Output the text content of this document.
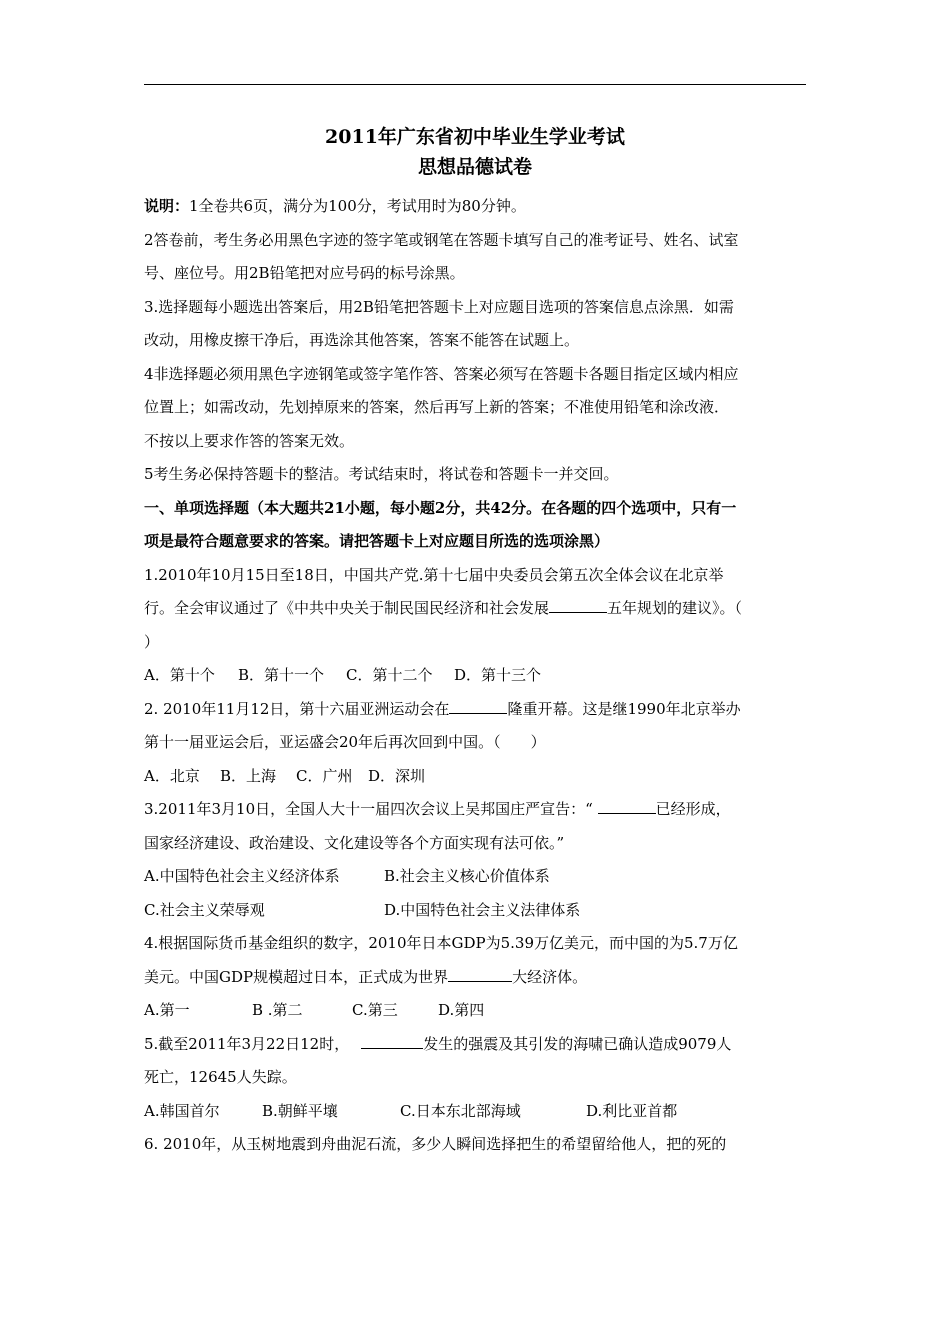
2011年广东省初中毕业生学业考试

思想品德试卷

说明：1全卷共6页，满分为100分，考试用时为80分钟。

2答卷前，考生务必用黑色字迹的签字笔或钢笔在答题卡填写自己的准考证号、姓名、试室

号、座位号。用2B铅笔把对应号码的标号涂黑。

3.选择题每小题选出答案后，用2B铅笔把答题卡上对应题目选项的答案信息点涂黑．如需

改动，用橡皮擦干净后，再选涂其他答案，答案不能答在试题上。

4非选择题必须用黑色字迹钢笔或签字笔作答、答案必须写在答题卡各题目指定区域内相应

位置上；如需改动，先划掉原来的答案，然后再写上新的答案；不准使用铅笔和涂改液．

不按以上要求作答的答案无效。

5考生务必保持答题卡的整洁。考试结束时，将试卷和答题卡一并交回。

一、单项选择题（本大题共21小题，每小题2分，共42分。在各题的四个选项中，只有一

项是最符合题意要求的答案。请把答题卡上对应题目所选的选项涂黑）

1.2010年10月15日至18日，中国共产党.第十七届中央委员会第五次全体会议在北京举

行。全会审议通过了《中共中央关于制民国民经济和社会发展	五年规划的建议》。（

）

A．第十个	B．第十一个	C．第十二个	D．第十三个

2. 2010年11月12日，第十六届亚洲运动会在	隆重开幕。这是继1990年北京举办

第十一届亚运会后，亚运盛会20年后再次回到中国。（　　）

A．北京	B．上海	C．广州	D．深圳

3.2011年3月10日，全国人大十一届四次会议上吴邦国庄严宣告：“	已经形成，

国家经济建设、政治建设、文化建设等各个方面实现有法可依。”

A.中国特色社会主义经济体系	B.社会主义核心价值体系
C.社会主义荣辱观	D.中国特色社会主义法律体系

4.根据国际货币基金组织的数字，2010年日本GDP为5.39万亿美元，而中国的为5.7万亿

美元。中国GDP规模超过日本，正式成为世界	大经济体。

A.第一	B .第二	C.第三	D.第四

5.截至2011年3月22日12时，	发生的强震及其引发的海啸已确认造成9079人

死亡，12645人失踪。

A.韩国首尔	B.朝鲜平壤	C.日本东北部海域	D.利比亚首都

6. 2010年，从玉树地震到舟曲泥石流，多少人瞬间选择把生的希望留给他人，把的死的
